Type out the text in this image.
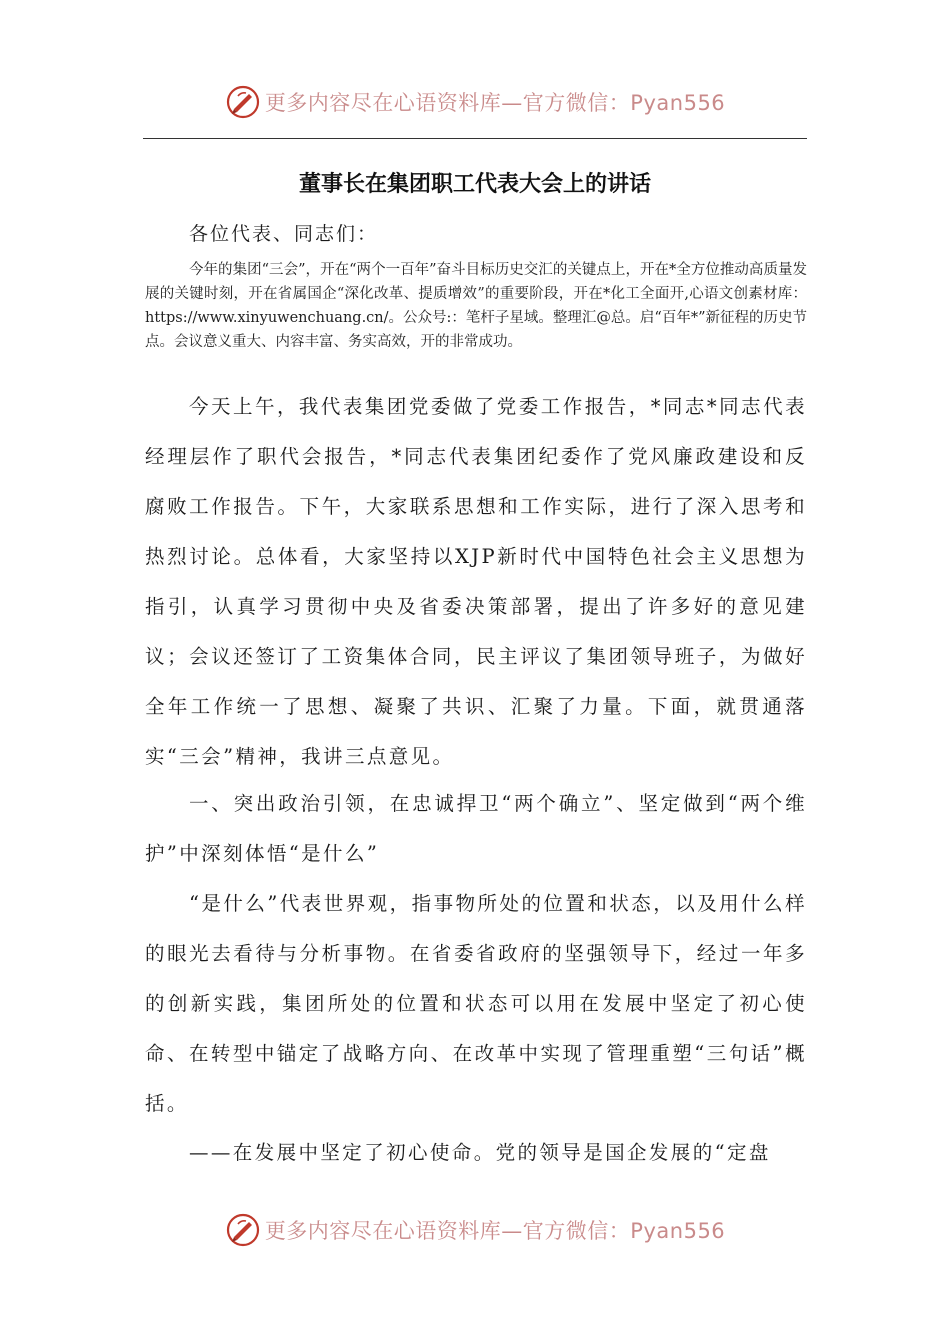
更多内容尽在心语资料库—官方微信：Pyan556
董事长在集团职工代表大会上的讲话
各位代表、同志们：
今年的集团“三会”，开在“两个一百年”奋斗目标历史交汇的关键点上，开在*全方位推动高质量发展的关键时刻，开在省属国企“深化改革、提质增效”的重要阶段，开在*化工全面开,心语文创素材库：https://www.xinyuwenchuang.cn/。公众号:：笔杆子星域。整理汇@总。启“百年*”新征程的历史节点。会议意义重大、内容丰富、务实高效，开的非常成功。
今天上午，我代表集团党委做了党委工作报告，*同志*同志代表经理层作了职代会报告，*同志代表集团纪委作了党风廉政建设和反腐败工作报告。下午，大家联系思想和工作实际，进行了深入思考和热烈讨论。总体看，大家坚持以XJP新时代中国特色社会主义思想为指引，认真学习贯彻中央及省委决策部署，提出了许多好的意见建议；会议还签订了工资集体合同，民主评议了集团领导班子，为做好全年工作统一了思想、凝聚了共识、汇聚了力量。下面，就贯通落实“三会”精神，我讲三点意见。
一、突出政治引领，在忠诚捍卫“两个确立”、坚定做到“两个维护”中深刻体悟“是什么”
“是什么”代表世界观，指事物所处的位置和状态，以及用什么样的眼光去看待与分析事物。在省委省政府的坚强领导下，经过一年多的创新实践，集团所处的位置和状态可以用在发展中坚定了初心使命、在转型中锚定了战略方向、在改革中实现了管理重塑“三句话”概括。
——在发展中坚定了初心使命。党的领导是国企发展的“定盘
更多内容尽在心语资料库—官方微信：Pyan556
